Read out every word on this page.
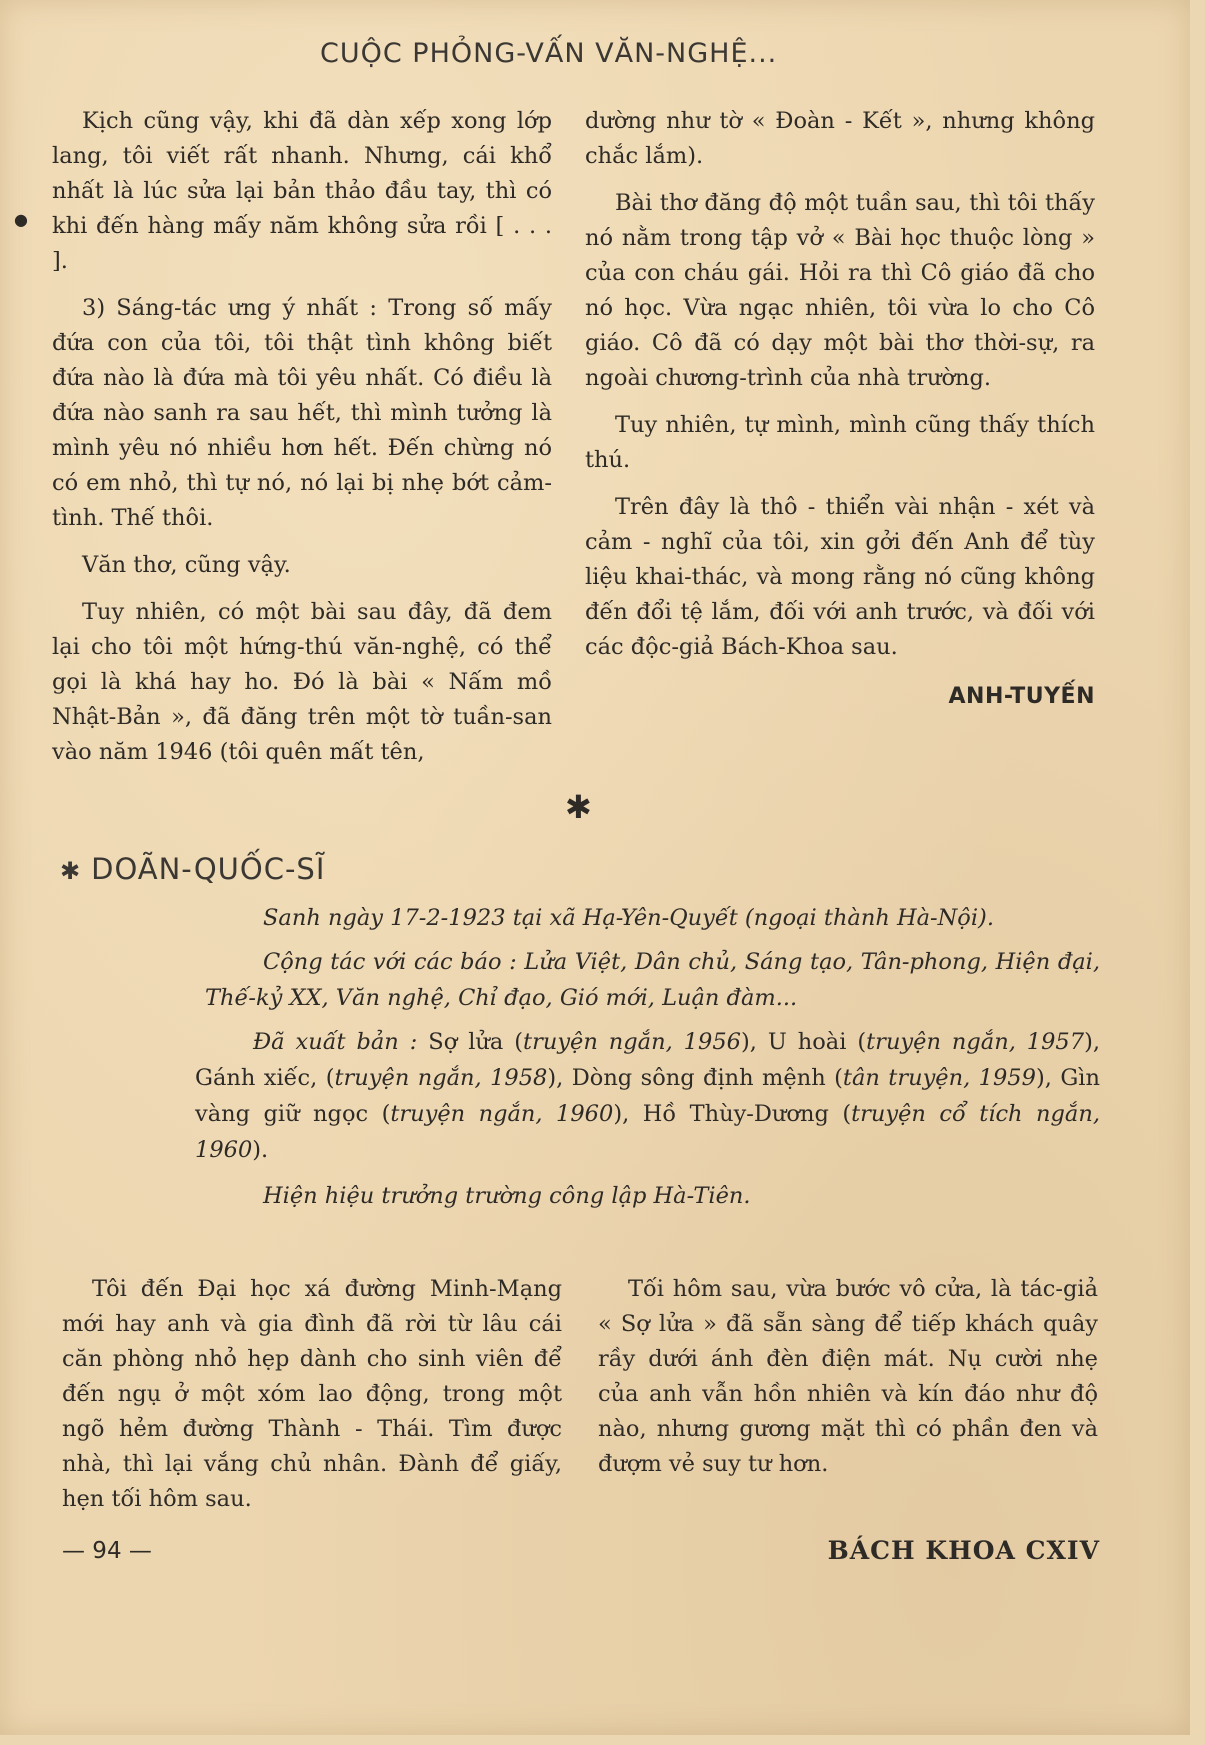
CUỘC PHỎNG-VẤN VĂN-NGHỆ...
●

Kịch cũng vậy, khi đã dàn xếp xong lớp lang, tôi viết rất nhanh. Nhưng, cái khổ nhất là lúc sửa lại bản thảo đầu tay, thì có khi đến hàng mấy năm không sửa rồi [ . . . ].

3) Sáng-tác ưng ý nhất : Trong số mấy đứa con của tôi, tôi thật tình không biết đứa nào là đứa mà tôi yêu nhất. Có điều là đứa nào sanh ra sau hết, thì mình tưởng là mình yêu nó nhiều hơn hết. Đến chừng nó có em nhỏ, thì tự nó, nó lại bị nhẹ bớt cảm-tình. Thế thôi.

Văn thơ, cũng vậy.

Tuy nhiên, có một bài sau đây, đã đem lại cho tôi một hứng-thú văn-nghệ, có thể gọi là khá hay ho. Đó là bài « Nấm mồ Nhật-Bản », đã đăng trên một tờ tuần-san vào năm 1946 (tôi quên mất tên,

dường như tờ « Đoàn - Kết », nhưng không chắc lắm).

Bài thơ đăng độ một tuần sau, thì tôi thấy nó nằm trong tập vở « Bài học thuộc lòng » của con cháu gái. Hỏi ra thì Cô giáo đã cho nó học. Vừa ngạc nhiên, tôi vừa lo cho Cô giáo. Cô đã có dạy một bài thơ thời-sự, ra ngoài chương-trình của nhà trường.

Tuy nhiên, tự mình, mình cũng thấy thích thú.

Trên đây là thô - thiển vài nhận - xét và cảm - nghĩ của tôi, xin gởi đến Anh để tùy liệu khai-thác, và mong rằng nó cũng không đến đổi tệ lắm, đối với anh trước, và đối với các độc-giả Bách-Khoa sau.

ANH-TUYẾN
✱
✱ DOÃN-QUỐC-SĨ

Sanh ngày 17-2-1923 tại xã Hạ-Yên-Quyết (ngoại thành Hà-Nội).

Cộng tác với các báo : Lửa Việt, Dân chủ, Sáng tạo, Tân-phong, Hiện đại, Thế-kỷ XX, Văn nghệ, Chỉ đạo, Gió mới, Luận đàm...

Đã xuất bản : Sợ lửa (truyện ngắn, 1956), U hoài (truyện ngắn, 1957), Gánh xiếc, (truyện ngắn, 1958), Dòng sông định mệnh (tân truyện, 1959), Gìn vàng giữ ngọc (truyện ngắn, 1960), Hồ Thùy-Dương (truyện cổ tích ngắn, 1960).

Hiện hiệu trưởng trường công lập Hà-Tiên.

Tôi đến Đại học xá đường Minh-Mạng mới hay anh và gia đình đã rời từ lâu cái căn phòng nhỏ hẹp dành cho sinh viên để đến ngụ ở một xóm lao động, trong một ngõ hẻm đường Thành - Thái. Tìm được nhà, thì lại vắng chủ nhân. Đành để giấy, hẹn tối hôm sau.

Tối hôm sau, vừa bước vô cửa, là tác-giả « Sợ lửa » đã sẵn sàng để tiếp khách quây rầy dưới ánh đèn điện mát. Nụ cười nhẹ của anh vẫn hồn nhiên và kín đáo như độ nào, nhưng gương mặt thì có phần đen và đượm vẻ suy tư hơn.

— 94 —	BÁCH KHOA CXIV
